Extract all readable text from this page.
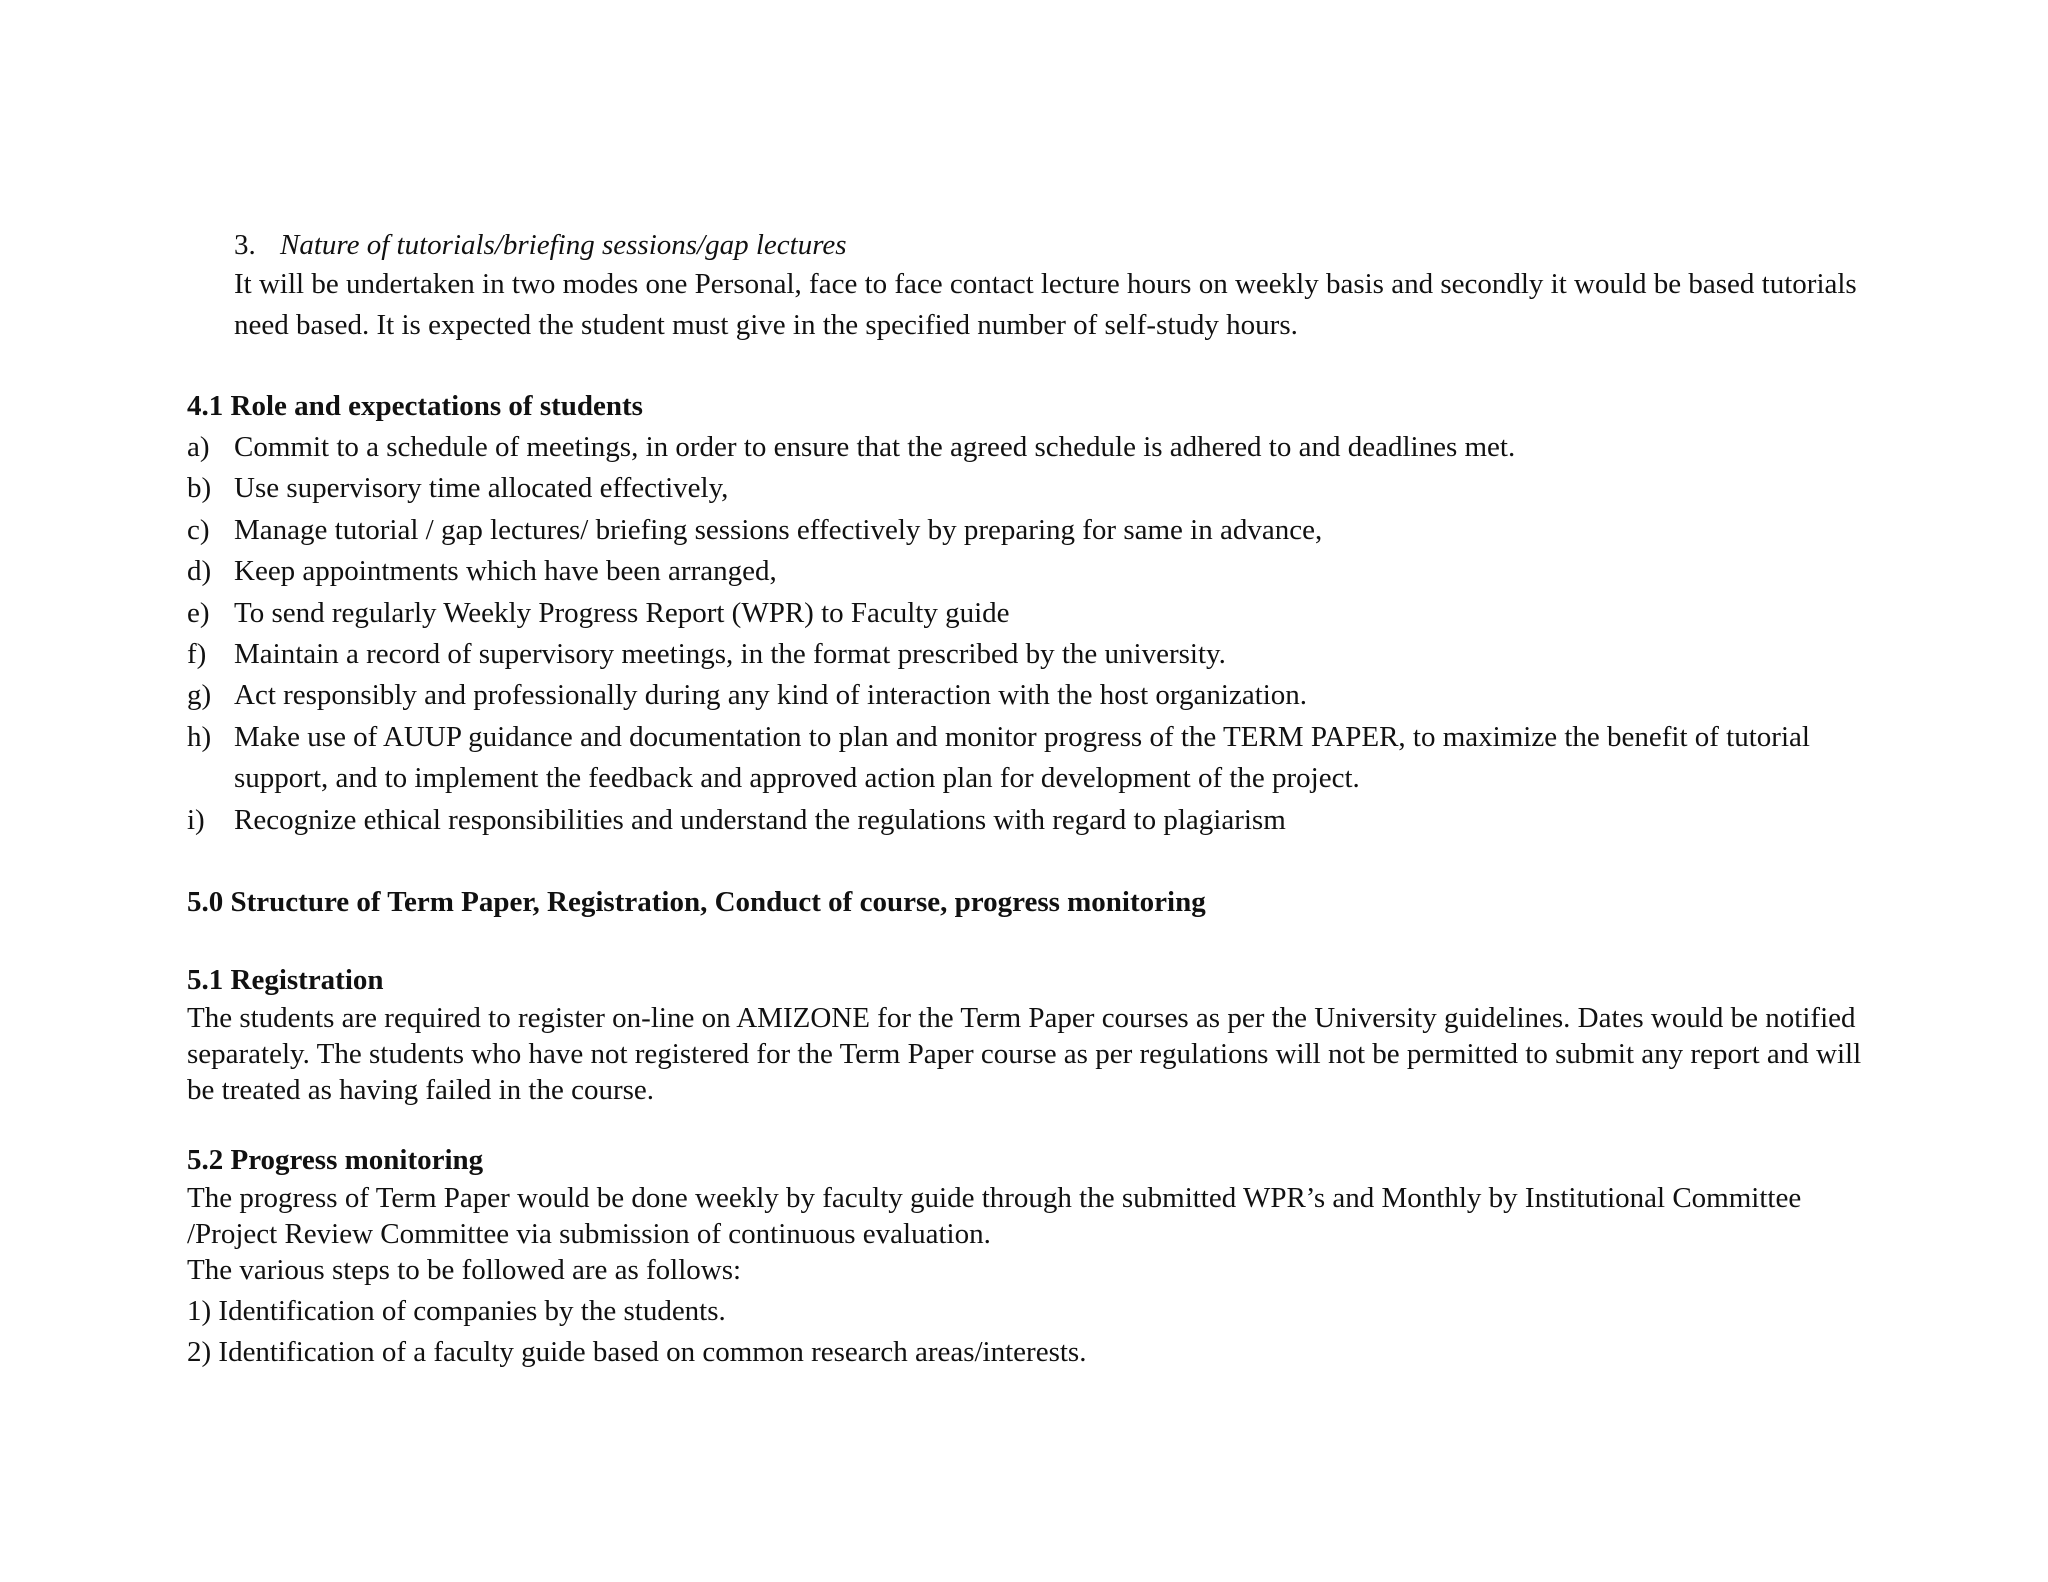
3. Nature of tutorials/briefing sessions/gap lectures

It will be undertaken in two modes one Personal, face to face contact lecture hours on weekly basis and secondly it would be based tutorials need based. It is expected the student must give in the specified number of self-study hours.

4.1 Role and expectations of students
a) Commit to a schedule of meetings, in order to ensure that the agreed schedule is adhered to and deadlines met.
b) Use supervisory time allocated effectively,
c) Manage tutorial / gap lectures/ briefing sessions effectively by preparing for same in advance,
d) Keep appointments which have been arranged,
e) To send regularly Weekly Progress Report (WPR) to Faculty guide
f) Maintain a record of supervisory meetings, in the format prescribed by the university.
g) Act responsibly and professionally during any kind of interaction with the host organization.
h) Make use of AUUP guidance and documentation to plan and monitor progress of the TERM PAPER, to maximize the benefit of tutorial support, and to implement the feedback and approved action plan for development of the project.
i)	Recognize ethical responsibilities and understand the regulations with regard to plagiarism
5.0 Structure of Term Paper, Registration, Conduct of course, progress monitoring
5.1 Registration

The students are required to register on-line on AMIZONE for the Term Paper courses as per the University guidelines. Dates would be notified separately. The students who have not registered for the Term Paper course as per regulations will not be permitted to submit any report and will be treated as having failed in the course.

5.2 Progress monitoring

The progress of Term Paper would be done weekly by faculty guide through the submitted WPR’s and Monthly by Institutional Committee /Project Review Committee via submission of continuous evaluation.

The various steps to be followed are as follows:

1) Identification of companies by the students.
2) Identification of a faculty guide based on common research areas/interests.
